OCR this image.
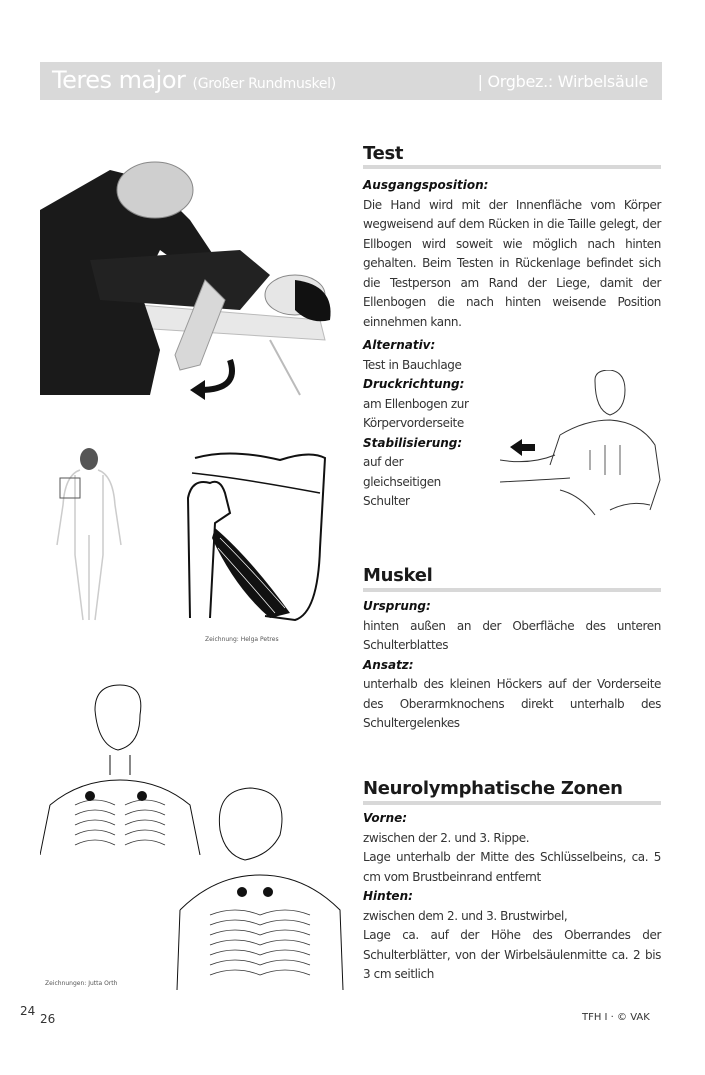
Teres major (Großer Rundmuskel)	| Orgbez.: Wirbelsäule
Zeichnung: Helga Petres
Zeichnungen: Jutta Orth
Test
Ausgangsposition:
Die Hand wird mit der Innenfläche vom Körper wegweisend auf dem Rücken in die Taille gelegt, der Ellbogen wird soweit wie möglich nach hinten gehalten. Beim Testen in Rückenlage befindet sich die Testperson am Rand der Liege, damit der Ellenbogen die nach hinten weisende Position einnehmen kann.
Alternativ:
Test in Bauchlage
Druckrichtung:
am Ellenbogen zur
Körpervorderseite
Stabilisierung:
auf der
gleichseitigen
Schulter
Muskel
Ursprung:
hinten außen an der Oberfläche des unteren Schulterblattes
Ansatz:
unterhalb des kleinen Höckers auf der Vorderseite des Oberarmknochens direkt unterhalb des Schultergelenkes
Neurolymphatische Zonen
Vorne:
zwischen der 2. und 3. Rippe.
Lage unterhalb der Mitte des Schlüsselbeins, ca. 5 cm vom Brustbeinrand entfernt
Hinten:
zwischen dem 2. und 3. Brustwirbel,
Lage ca. auf der Höhe des Oberrandes der Schulterblätter, von der Wirbelsäulenmitte ca. 2 bis 3 cm seitlich
24
26	TFH I · © VAK
